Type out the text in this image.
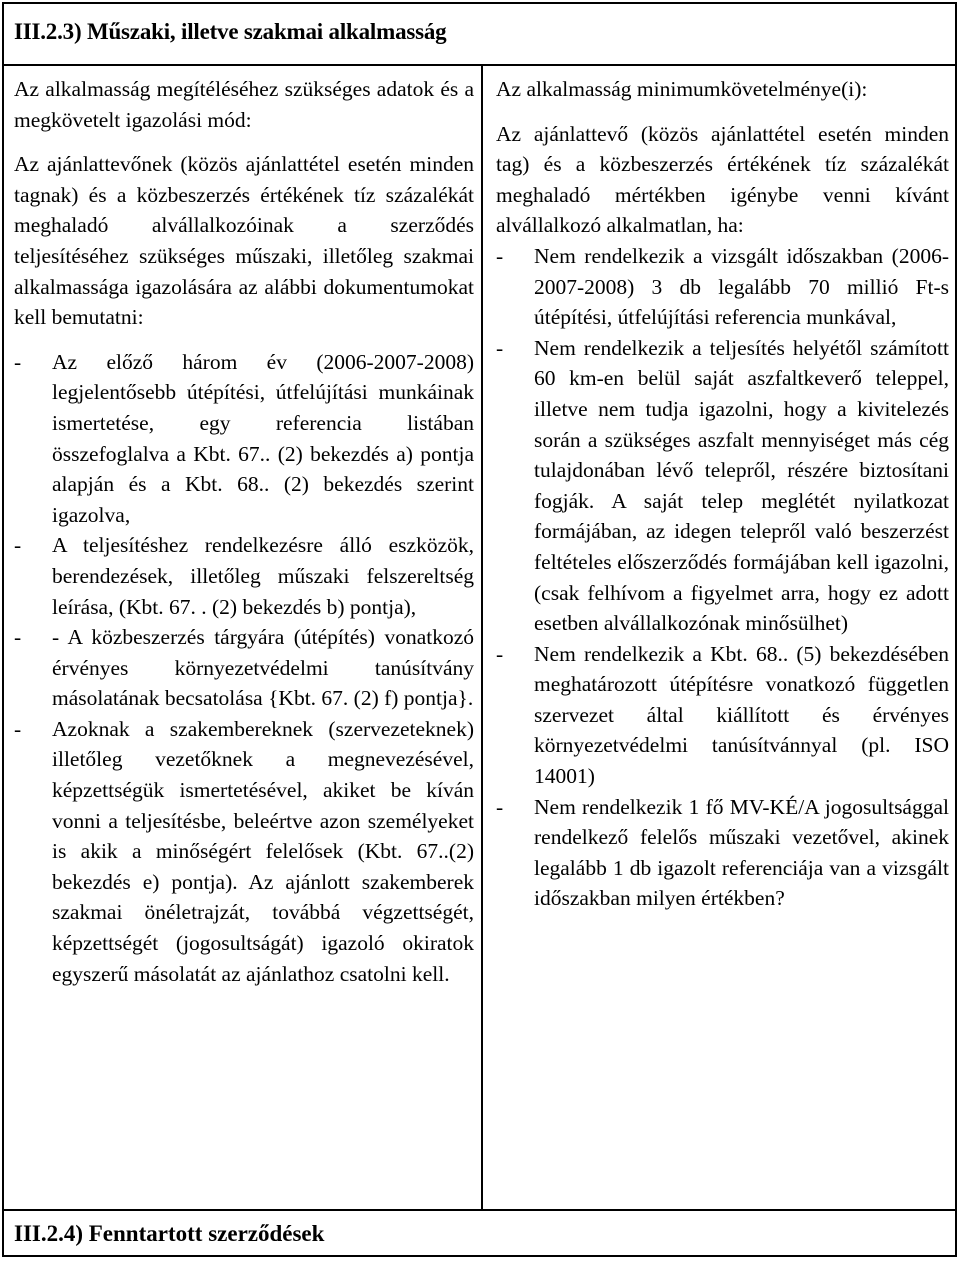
III.2.3) Műszaki, illetve szakmai alkalmasság

Az alkalmasság megítéléséhez szükséges adatok és a megkövetelt igazolási mód:

Az ajánlattevőnek (közös ajánlattétel esetén minden tagnak) és a közbeszerzés értékének tíz százalékát meghaladó alvállalkozóinak a szerződés teljesítéséhez szükséges műszaki, illetőleg szakmai alkalmassága igazolására az alábbi dokumentumokat kell bemutatni:

-	Az előző három év (2006-2007-2008) legjelentősebb útépítési, útfelújítási munkáinak ismertetése, egy referencia listában összefoglalva a Kbt. 67.. (2) bekezdés a) pontja alapján és a Kbt. 68.. (2) bekezdés szerint igazolva,
-	A teljesítéshez rendelkezésre álló eszközök, berendezések, illetőleg műszaki felszereltség leírása, (Kbt. 67. . (2) bekezdés b) pontja),
-	- A közbeszerzés tárgyára (útépítés) vonatkozó érvényes környezetvédelmi tanúsítvány másolatának becsatolása {Kbt. 67. (2) f) pontja}.
-	Azoknak a szakembereknek (szervezeteknek) illetőleg vezetőknek a megnevezésével, képzettségük ismertetésével, akiket be kíván vonni a teljesítésbe, beleértve azon személyeket is akik a minőségért felelősek (Kbt. 67..(2) bekezdés e) pontja). Az ajánlott szakemberek szakmai önéletrajzát, továbbá végzettségét, képzettségét (jogosultságát) igazoló okiratok egyszerű másolatát az ajánlathoz csatolni kell.

Az alkalmasság minimumkövetelménye(i):

Az ajánlattevő (közös ajánlattétel esetén minden tag) és a közbeszerzés értékének tíz százalékát meghaladó mértékben igénybe venni kívánt alvállalkozó alkalmatlan, ha:

-	Nem rendelkezik a vizsgált időszakban (2006-2007-2008) 3 db legalább 70 millió Ft-s útépítési, útfelújítási referencia munkával,
-	Nem rendelkezik a teljesítés helyétől számított 60 km-en belül saját aszfaltkeverő teleppel, illetve nem tudja igazolni, hogy a kivitelezés során a szükséges aszfalt mennyiséget más cég tulajdonában lévő telepről, részére biztosítani fogják. A saját telep meglétét nyilatkozat formájában, az idegen telepről való beszerzést feltételes előszerződés formájában kell igazolni, (csak felhívom a figyelmet arra, hogy ez adott esetben alvállalkozónak minősülhet)
-	Nem rendelkezik a Kbt. 68.. (5) bekezdésében meghatározott útépítésre vonatkozó független szervezet által kiállított és érvényes környezetvédelmi tanúsítvánnyal (pl. ISO 14001)
-	Nem rendelkezik 1 fő MV-KÉ/A jogosultsággal rendelkező felelős műszaki vezetővel, akinek legalább 1 db igazolt referenciája van a vizsgált időszakban milyen értékben?
III.2.4) Fenntartott szerződések
